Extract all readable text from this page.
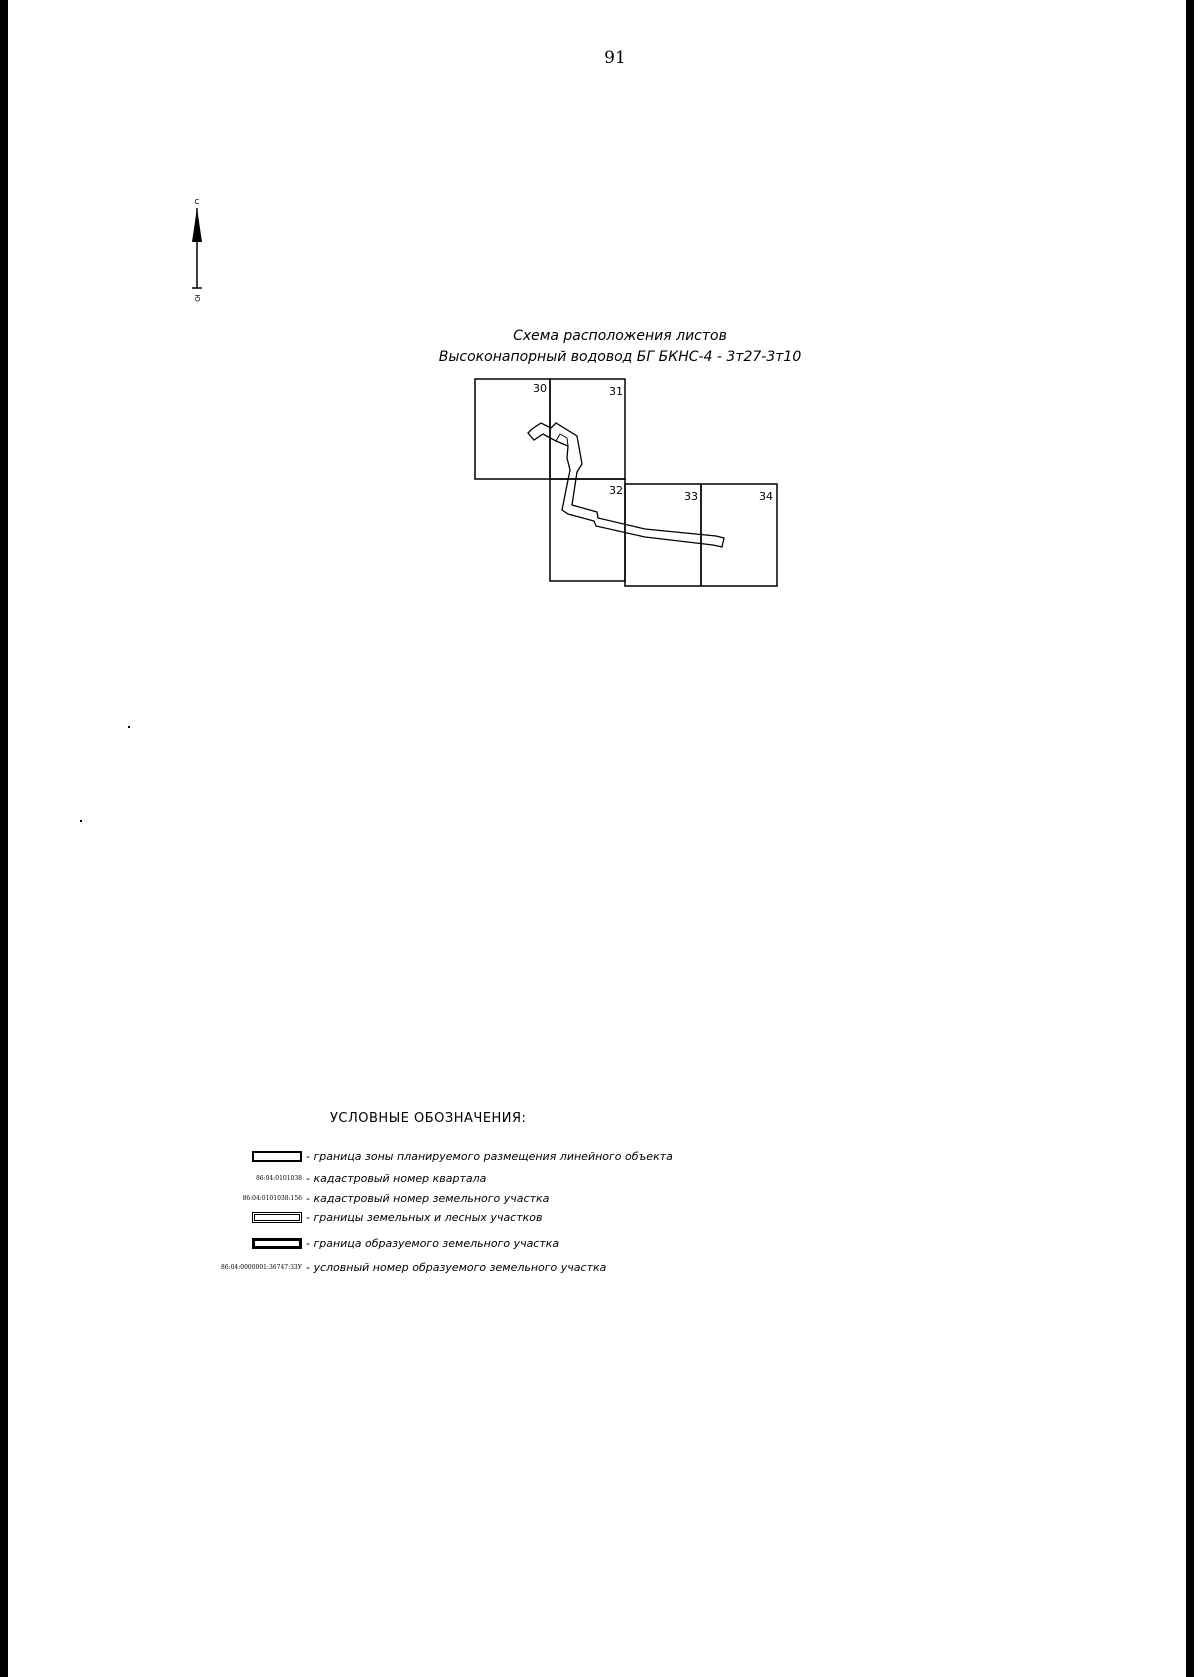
91
С
Ю
Схема расположения листов
Высоконапорный водовод БГ БКНС-4 - 3т27-3т10
30	31
32	33	34
УСЛОВНЫЕ ОБОЗНАЧЕНИЯ:
- граница зоны планируемого размещения линейного объекта
86:04:0101038 - кадастровый номер квартала
86:04:0101038:156 - кадастровый номер земельного участка
- границы земельных и лесных участков
- граница образуемого земельного участка
86:04:0000001:36747:3ЗУ - условный номер образуемого земельного участка
